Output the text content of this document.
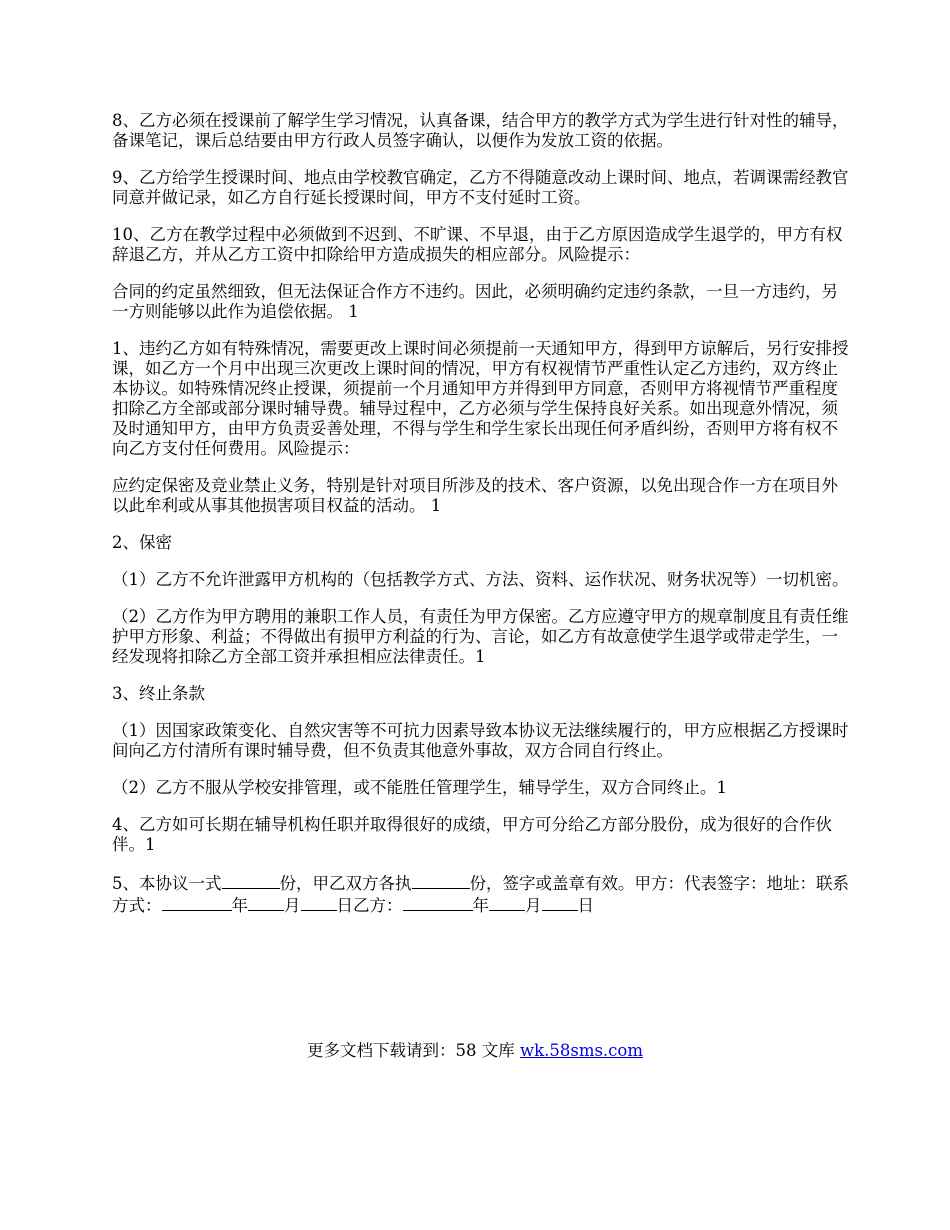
8、乙方必须在授课前了解学生学习情况，认真备课，结合甲方的教学方式为学生进行针对性的辅导，备课笔记，课后总结要由甲方行政人员签字确认，以便作为发放工资的依据。

9、乙方给学生授课时间、地点由学校教官确定，乙方不得随意改动上课时间、地点，若调课需经教官同意并做记录，如乙方自行延长授课时间，甲方不支付延时工资。

10、乙方在教学过程中必须做到不迟到、不旷课、不早退，由于乙方原因造成学生退学的，甲方有权辞退乙方，并从乙方工资中扣除给甲方造成损失的相应部分。风险提示：

合同的约定虽然细致，但无法保证合作方不违约。因此，必须明确约定违约条款，一旦一方违约，另一方则能够以此作为追偿依据。 1

1、违约乙方如有特殊情况，需要更改上课时间必须提前一天通知甲方，得到甲方谅解后，另行安排授课，如乙方一个月中出现三次更改上课时间的情况，甲方有权视情节严重性认定乙方违约，双方终止本协议。如特殊情况终止授课，须提前一个月通知甲方并得到甲方同意，否则甲方将视情节严重程度扣除乙方全部或部分课时辅导费。辅导过程中，乙方必须与学生保持良好关系。如出现意外情况，须及时通知甲方，由甲方负责妥善处理，不得与学生和学生家长出现任何矛盾纠纷，否则甲方将有权不向乙方支付任何费用。风险提示：

应约定保密及竞业禁止义务，特别是针对项目所涉及的技术、客户资源，以免出现合作一方在项目外以此牟利或从事其他损害项目权益的活动。 1

2、保密

（1）乙方不允许泄露甲方机构的（包括教学方式、方法、资料、运作状况、财务状况等）一切机密。

（2）乙方作为甲方聘用的兼职工作人员，有责任为甲方保密。乙方应遵守甲方的规章制度且有责任维护甲方形象、利益；不得做出有损甲方利益的行为、言论，如乙方有故意使学生退学或带走学生，一经发现将扣除乙方全部工资并承担相应法律责任。1

3、终止条款

（1）因国家政策变化、自然灾害等不可抗力因素导致本协议无法继续履行的，甲方应根据乙方授课时间向乙方付清所有课时辅导费，但不负责其他意外事故，双方合同自行终止。

（2）乙方不服从学校安排管理，或不能胜任管理学生，辅导学生，双方合同终止。1

4、乙方如可长期在辅导机构任职并取得很好的成绩，甲方可分给乙方部分股份，成为很好的合作伙伴。1

5、本协议一式	份，甲乙双方各执	份，签字或盖章有效。甲方：代表签字：地址：联系方式：	年 月 日乙方：	年 月 日

更多文档下载请到：58 文库 wk.58sms.com
